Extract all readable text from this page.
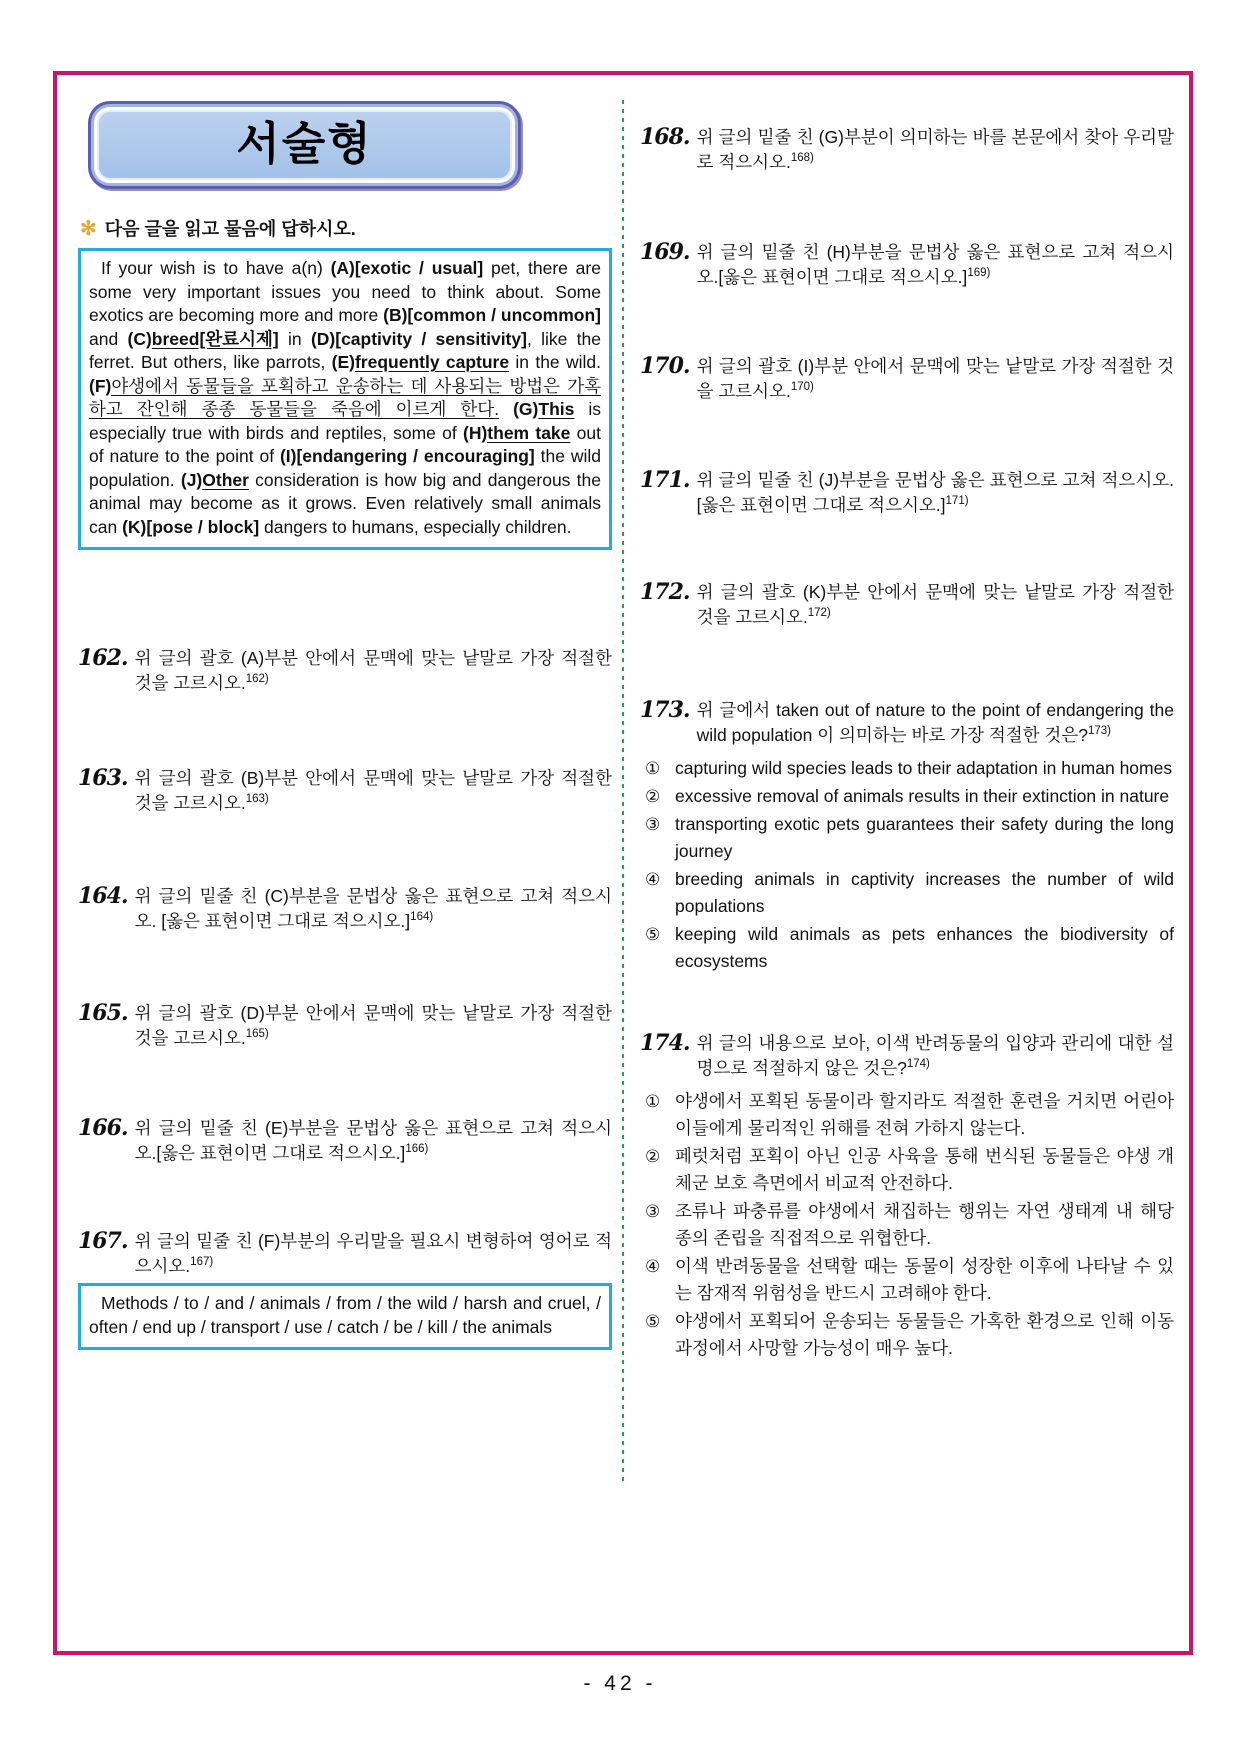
서술형
✻ 다음 글을 읽고 물음에 답하시오.

If your wish is to have a(n) (A)[exotic / usual] pet, there are some very important issues you need to think about. Some exotics are becoming more and more (B)[common / uncommon] and (C)breed[완료시제] in (D)[captivity / sensitivity], like the ferret. But others, like parrots, (E)frequently capture in the wild. (F)야생에서 동물들을 포획하고 운송하는 데 사용되는 방법은 가혹하고 잔인해 종종 동물들을 죽음에 이르게 한다. (G)This is especially true with birds and reptiles, some of (H)them take out of nature to the point of (I)[endangering / encouraging] the wild population. (J)Other consideration is how big and dangerous the animal may become as it grows. Even relatively small animals can (K)[pose / block] dangers to humans, especially children.

162. 위 글의 괄호 (A)부분 안에서 문맥에 맞는 낱말로 가장 적절한 것을 고르시오.$^{162)}$
163. 위 글의 괄호 (B)부분 안에서 문맥에 맞는 낱말로 가장 적절한 것을 고르시오.$^{163)}$
164. 위 글의 밑줄 친 (C)부분을 문법상 옳은 표현으로 고쳐 적으시오. [옳은 표현이면 그대로 적으시오.]$^{164)}$
165. 위 글의 괄호 (D)부분 안에서 문맥에 맞는 낱말로 가장 적절한 것을 고르시오.$^{165)}$
166. 위 글의 밑줄 친 (E)부분을 문법상 옳은 표현으로 고쳐 적으시오.[옳은 표현이면 그대로 적으시오.]$^{166)}$
167. 위 글의 밑줄 친 (F)부분의 우리말을 필요시 변형하여 영어로 적으시오.$^{167)}$

Methods / to / and / animals / from / the wild / harsh and cruel, / often / end up / transport / use / catch / be / kill / the animals

168. 위 글의 밑줄 친 (G)부분이 의미하는 바를 본문에서 찾아 우리말로 적으시오.$^{168)}$
169. 위 글의 밑줄 친 (H)부분을 문법상 옳은 표현으로 고쳐 적으시오.[옳은 표현이면 그대로 적으시오.]$^{169)}$
170. 위 글의 괄호 (I)부분 안에서 문맥에 맞는 낱말로 가장 적절한 것을 고르시오.$^{170)}$
171. 위 글의 밑줄 친 (J)부분을 문법상 옳은 표현으로 고쳐 적으시오.[옳은 표현이면 그대로 적으시오.]$^{171)}$
172. 위 글의 괄호 (K)부분 안에서 문맥에 맞는 낱말로 가장 적절한 것을 고르시오.$^{172)}$
173. 위 글에서 taken out of nature to the point of endangering the wild population 이 의미하는 바로 가장 적절한 것은?$^{173)}$
① capturing wild species leads to their adaptation in human homes
② excessive removal of animals results in their extinction in nature
③ transporting exotic pets guarantees their safety during the long journey
④ breeding animals in captivity increases the number of wild populations
⑤ keeping wild animals as pets enhances the biodiversity of ecosystems
174. 위 글의 내용으로 보아, 이색 반려동물의 입양과 관리에 대한 설명으로 적절하지 않은 것은?$^{174)}$
① 야생에서 포획된 동물이라 할지라도 적절한 훈련을 거치면 어린아이들에게 물리적인 위해를 전혀 가하지 않는다.
② 페럿처럼 포획이 아닌 인공 사육을 통해 번식된 동물들은 야생 개체군 보호 측면에서 비교적 안전하다.
③ 조류나 파충류를 야생에서 채집하는 행위는 자연 생태계 내 해당 종의 존립을 직접적으로 위협한다.
④ 이색 반려동물을 선택할 때는 동물이 성장한 이후에 나타날 수 있는 잠재적 위험성을 반드시 고려해야 한다.
⑤ 야생에서 포획되어 운송되는 동물들은 가혹한 환경으로 인해 이동 과정에서 사망할 가능성이 매우 높다.
- 42 -
